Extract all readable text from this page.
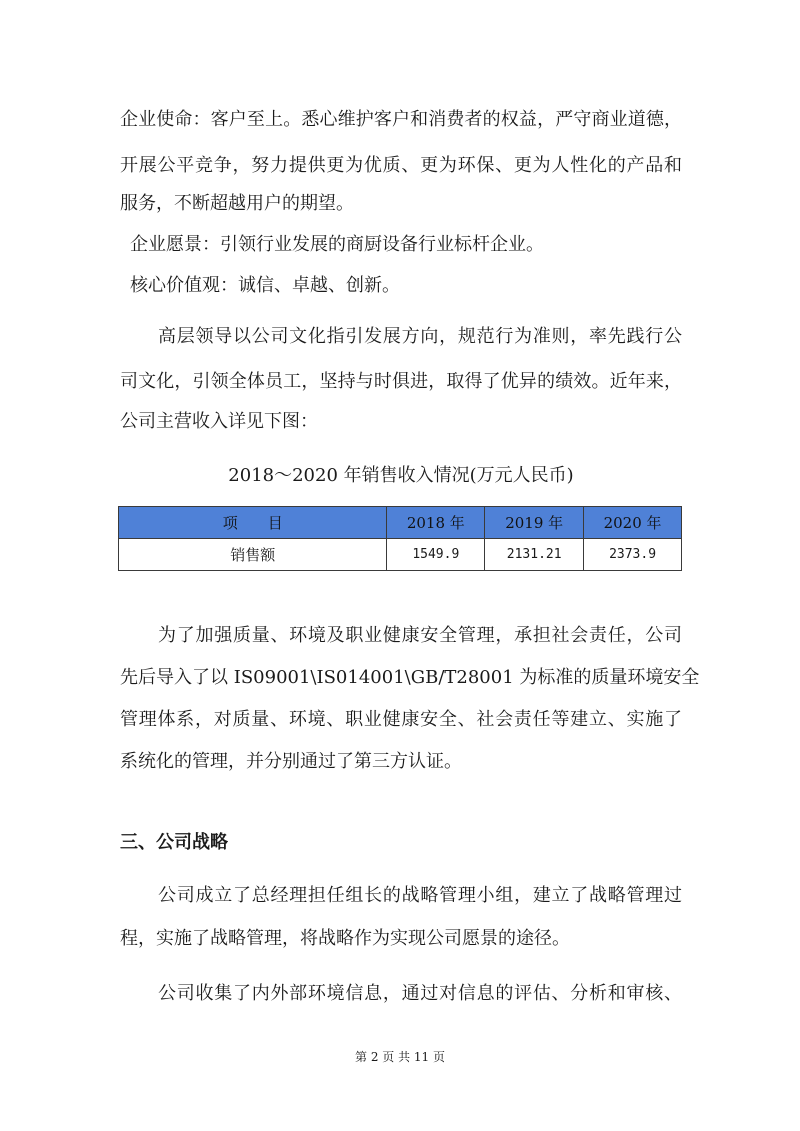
企业使命：客户至上。悉心维护客户和消费者的权益，严守商业道德，
开展公平竞争，努力提供更为优质、更为环保、更为人性化的产品和
服务，不断超越用户的期望。
企业愿景：引领行业发展的商厨设备行业标杆企业。
核心价值观：诚信、卓越、创新。
高层领导以公司文化指引发展方向，规范行为准则，率先践行公
司文化，引领全体员工，坚持与时俱进，取得了优异的绩效。近年来，
公司主营收入详见下图：
2018～2020 年销售收入情况(万元人民币)
项　　目	2018 年	2019 年	2020 年
销售额	1549.9	2131.21	2373.9
为了加强质量、环境及职业健康安全管理，承担社会责任，公司
先后导入了以 IS09001\IS014001\GB/T28001 为标准的质量环境安全
管理体系，对质量、环境、职业健康安全、社会责任等建立、实施了
系统化的管理，并分别通过了第三方认证。
三、公司战略
公司成立了总经理担任组长的战略管理小组，建立了战略管理过
程，实施了战略管理，将战略作为实现公司愿景的途径。
公司收集了内外部环境信息，通过对信息的评估、分析和审核、
第 2 页 共 11 页
